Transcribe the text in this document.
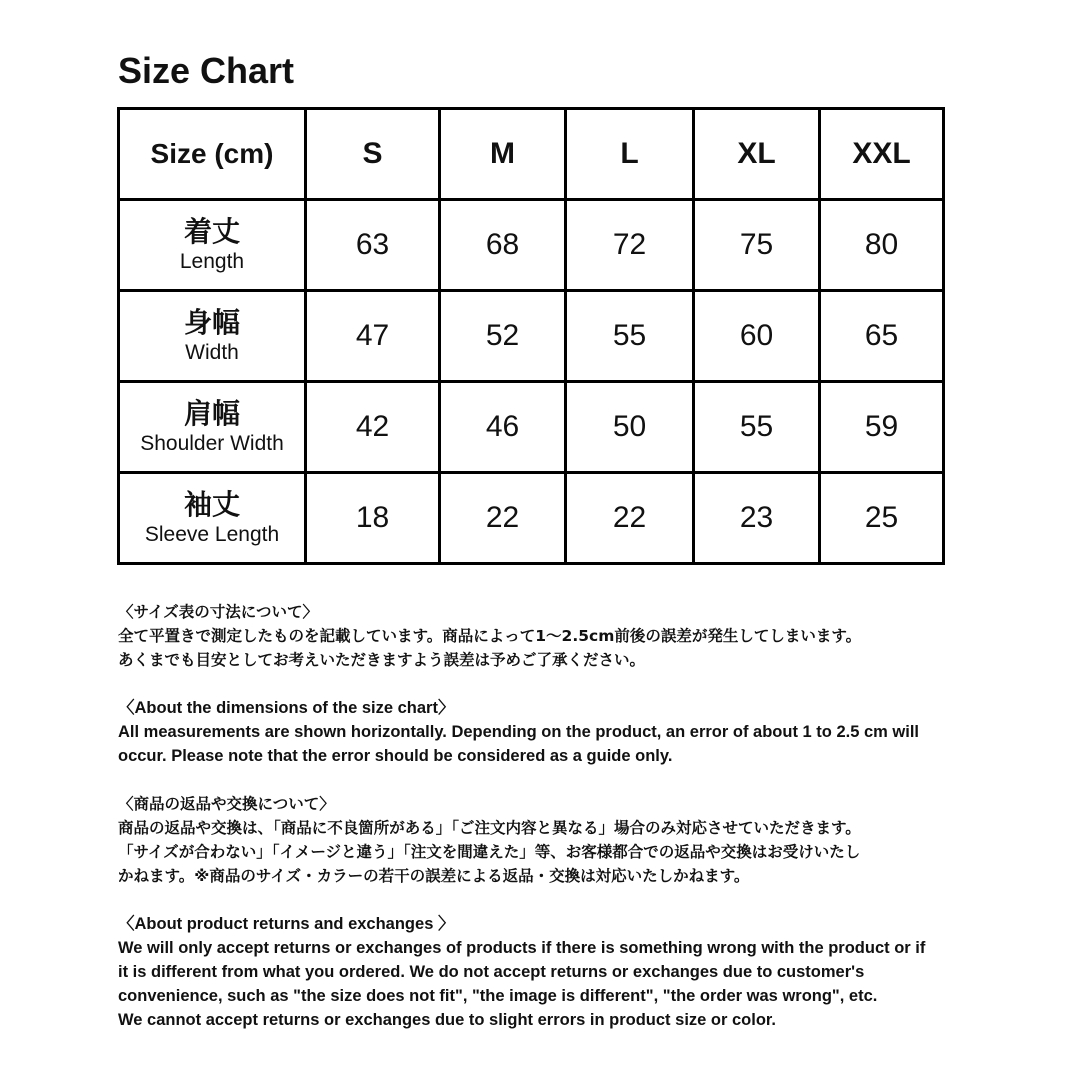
Size Chart
Size (cm)	S	M	L	XL	XXL

着丈
Length	63	68	72	75	80

身幅
Width	47	52	55	60	65

肩幅
Shoulder Width	42	46	50	55	59

袖丈
Sleeve Length	18	22	22	23	25
〈サイズ表の寸法について〉
全て平置きで測定したものを記載しています。商品によって1〜2.5cm前後の誤差が発生してしまいます。
あくまでも目安としてお考えいただきますよう誤差は予めご了承ください。
〈About the dimensions of the size chart〉
All measurements are shown horizontally. Depending on the product, an error of about 1 to 2.5 cm will
occur. Please note that the error should be considered as a guide only.
〈商品の返品や交換について〉
商品の返品や交換は、「商品に不良箇所がある」「ご注文内容と異なる」場合のみ対応させていただきます。
「サイズが合わない」「イメージと違う」「注文を間違えた」等、お客様都合での返品や交換はお受けいたし
かねます。※商品のサイズ・カラーの若干の誤差による返品・交換は対応いたしかねます。
〈About product returns and exchanges 〉
We will only accept returns or exchanges of products if there is something wrong with the product or if
it is different from what you ordered. We do not accept returns or exchanges due to customer's
convenience, such as "the size does not fit", "the image is different", "the order was wrong", etc.
We cannot accept returns or exchanges due to slight errors in product size or color.
